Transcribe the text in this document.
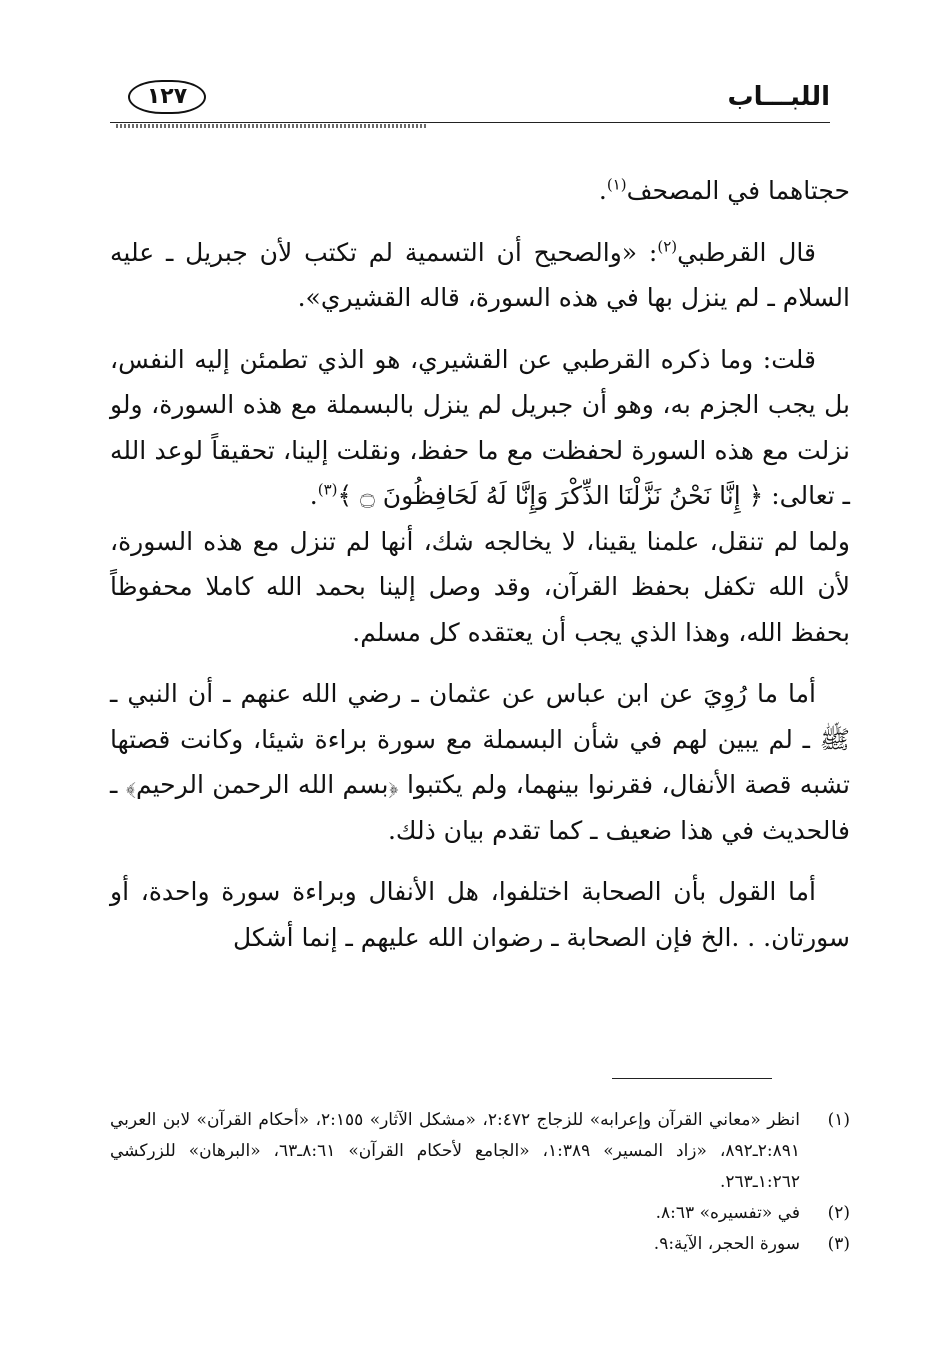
اللبـــاب
١٢٧

حجتاهما في المصحف$^{(١)}$.

قال القرطبي$^{(٢)}$: «والصحيح أن التسمية لم تكتب لأن جبريل ـ عليه السلام ـ لم ينزل بها في هذه السورة، قاله القشيري».

قلت: وما ذكره القرطبي عن القشيري، هو الذي تطمئن إليه النفس، بل يجب الجزم به، وهو أن جبريل لم ينزل بالبسملة مع هذه السورة، ولو نزلت مع هذه السورة لحفظت مع ما حفظ، ونقلت إلينا، تحقيقاً لوعد الله ـ تعالى: ﴿ إِنَّا نَحْنُ نَزَّلْنَا الذِّكْرَ وَإِنَّا لَهُ لَحَافِظُونَ ۝ ﴾$^{(٣)}$.

ولما لم تنقل، علمنا يقينا، لا يخالجه شك، أنها لم تنزل مع هذه السورة، لأن الله تكفل بحفظ القرآن، وقد وصل إلينا بحمد الله كاملا محفوظاً بحفظ الله، وهذا الذي يجب أن يعتقده كل مسلم.

أما ما رُوِيَ عن ابن عباس عن عثمان ـ رضي الله عنهم ـ أن النبي ـ ﷺ ـ لم يبين لهم في شأن البسملة مع سورة براءة شيئا، وكانت قصتها تشبه قصة الأنفال، فقرنوا بينهما، ولم يكتبوا ﴿بسم الله الرحمن الرحيم﴾ ـ فالحديث في هذا ضعيف ـ كما تقدم بيان ذلك.

أما القول بأن الصحابة اختلفوا، هل الأنفال وبراءة سورة واحدة، أو سورتان. . .الخ فإن الصحابة ـ رضوان الله عليهم ـ إنما أشكل

(١)
انظر «معاني القرآن وإعرابه» للزجاج ٢:٤٧٢، «مشكل الآثار» ٢:١٥٥، «أحكام القرآن» لابن العربي ٢:٨٩١ـ٨٩٢، «زاد المسير» ١:٣٨٩، «الجامع لأحكام القرآن» ٨:٦١ـ٦٣، «البرهان» للزركشي ١:٢٦٢ـ٢٦٣.
(٢)
في «تفسيره» ٨:٦٣.
(٣)
سورة الحجر، الآية:٩.
